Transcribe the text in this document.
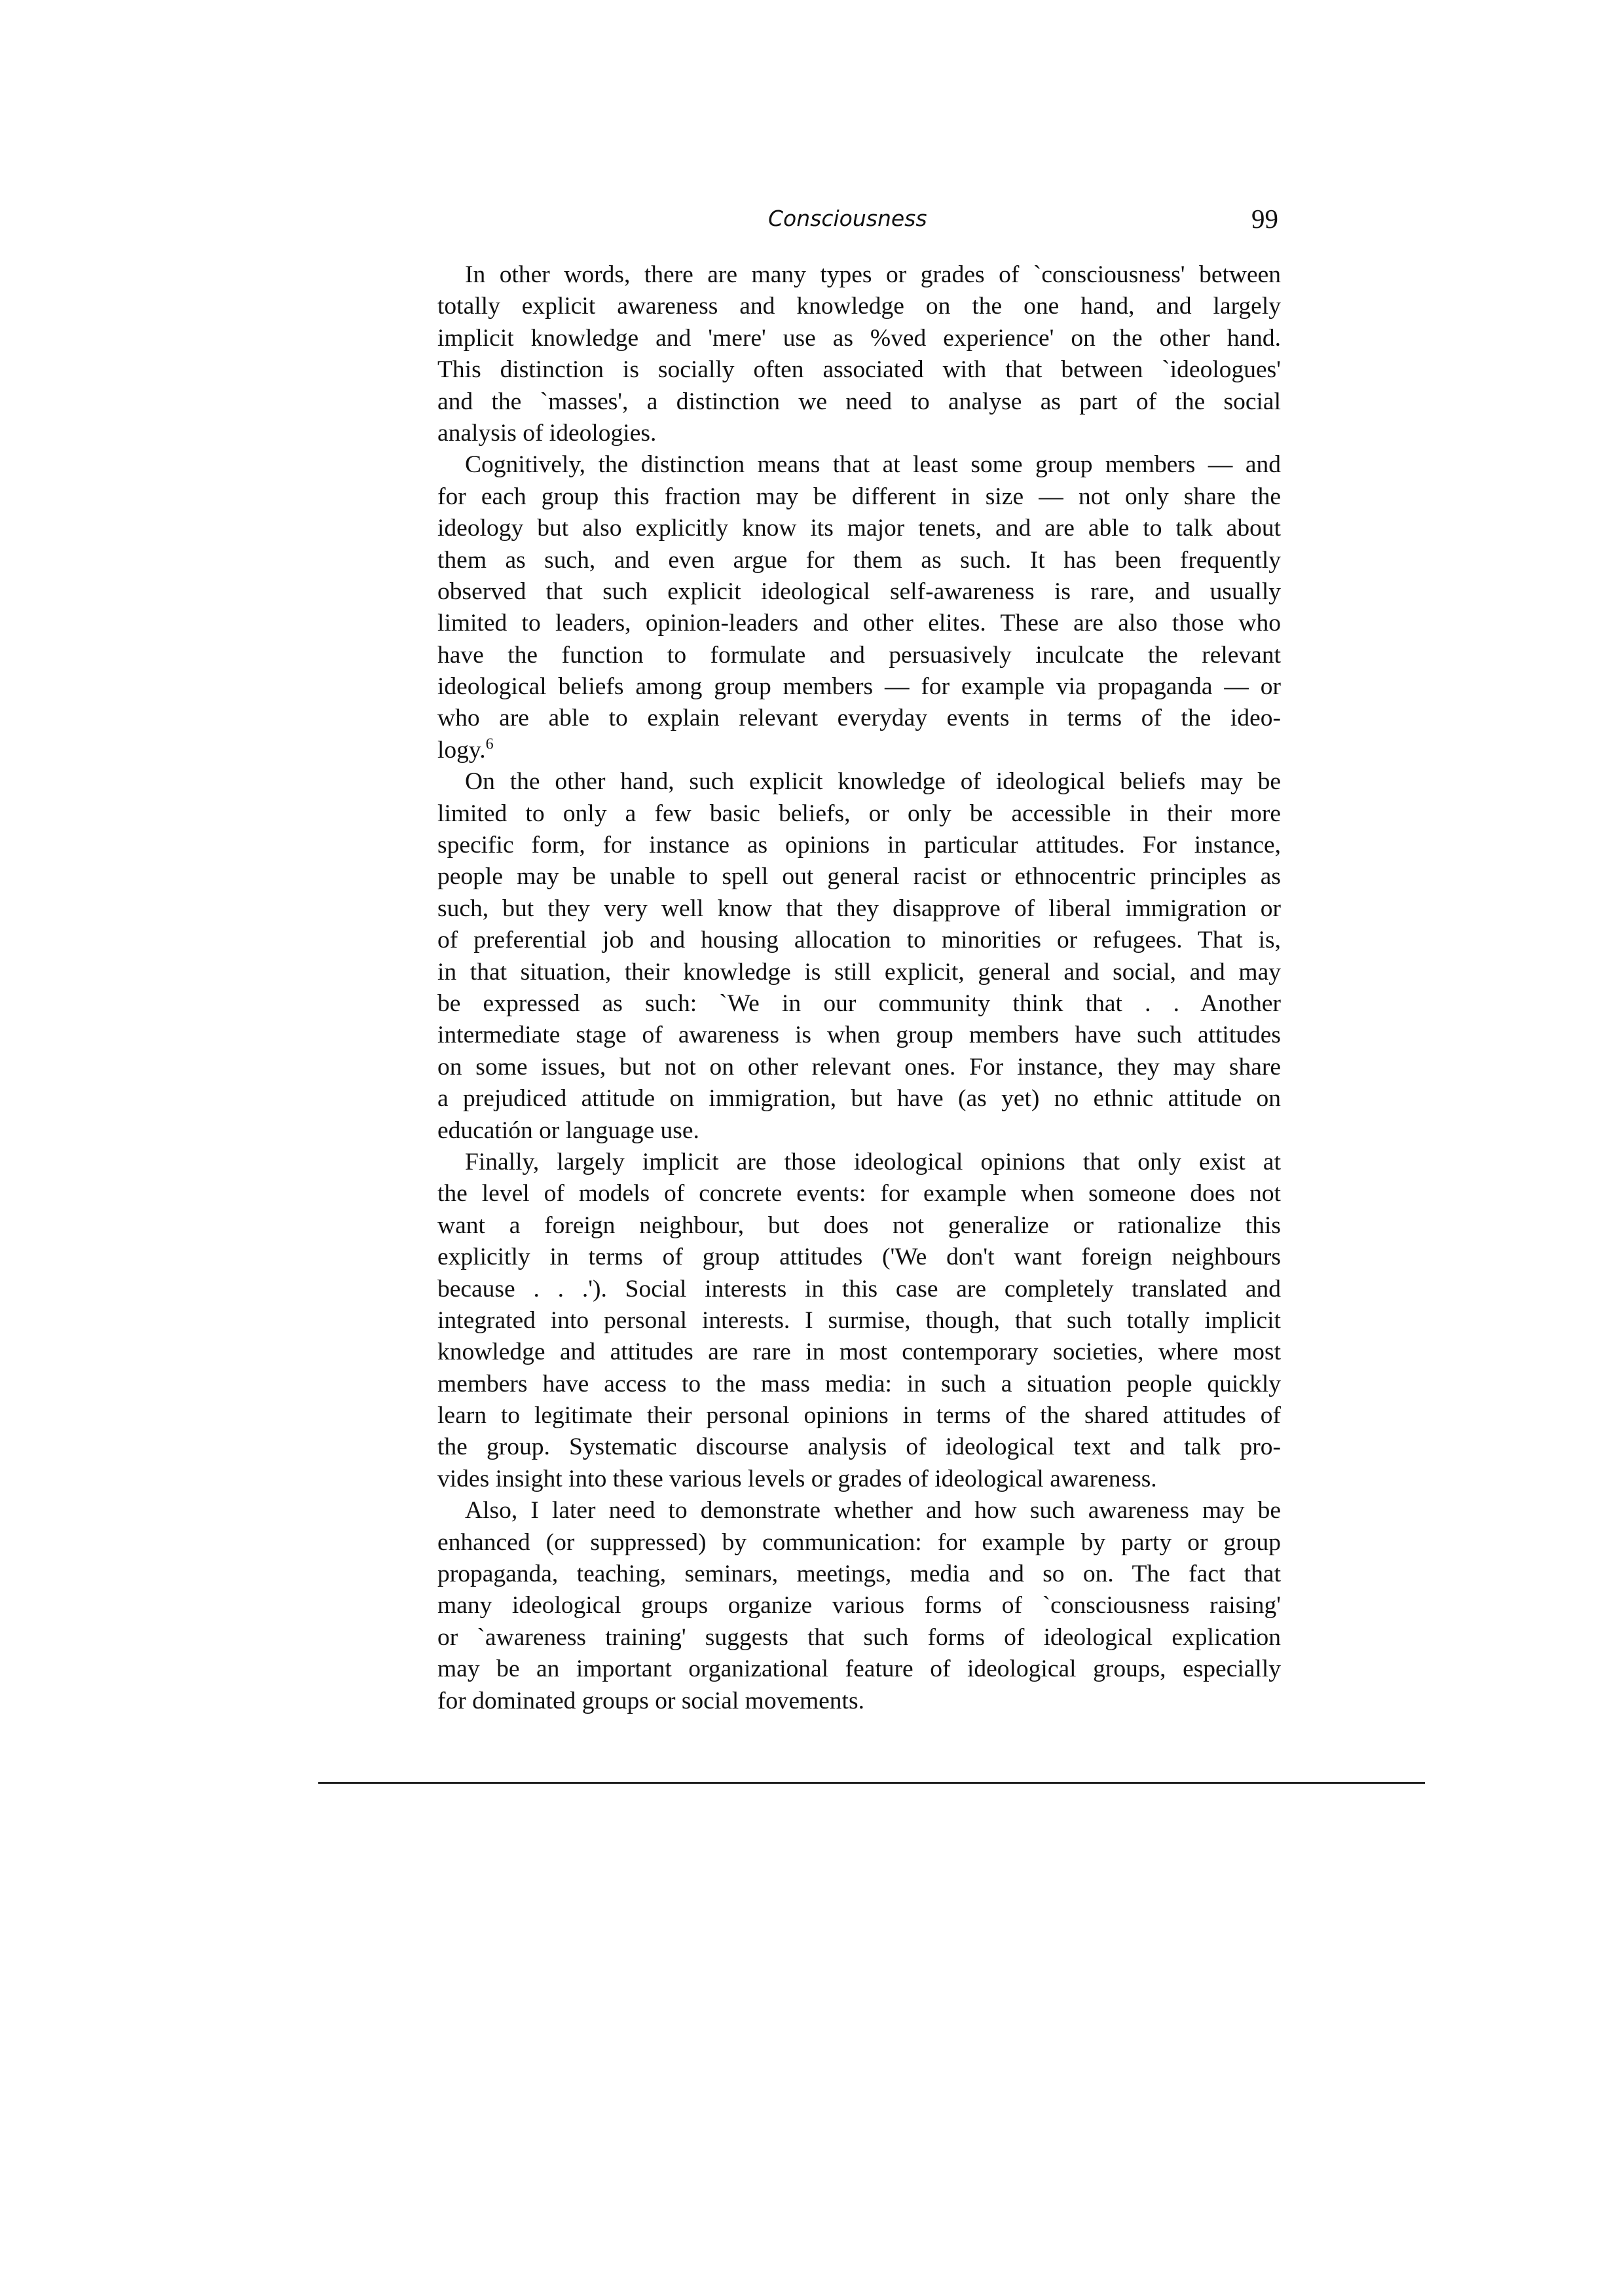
Consciousness	99
In other words, there are many types or grades of `consciousness' between
totally explicit awareness and knowledge on the one hand, and largely
implicit knowledge and 'mere' use as %ved experience' on the other hand.
This distinction is socially often associated with that between `ideologues'
and the `masses', a distinction we need to analyse as part of the social
analysis of ideologies.
Cognitively, the distinction means that at least some group members — and
for each group this fraction may be different in size — not only share the
ideology but also explicitly know its major tenets, and are able to talk about
them as such, and even argue for them as such. It has been frequently
observed that such explicit ideological self-awareness is rare, and usually
limited to leaders, opinion-leaders and other elites. These are also those who
have the function to formulate and persuasively inculcate the relevant
ideological beliefs among group members — for example via propaganda — or
who are able to explain relevant everyday events in terms of the ideo-
logy.$^6$
On the other hand, such explicit knowledge of ideological beliefs may be
limited to only a few basic beliefs, or only be accessible in their more
specific form, for instance as opinions in particular attitudes. For instance,
people may be unable to spell out general racist or ethnocentric principles as
such, but they very well know that they disapprove of liberal immigration or
of preferential job and housing allocation to minorities or refugees. That is,
in that situation, their knowledge is still explicit, general and social, and may
be expressed as such: `We in our community think that . . Another
intermediate stage of awareness is when group members have such attitudes
on some issues, but not on other relevant ones. For instance, they may share
a prejudiced attitude on immigration, but have (as yet) no ethnic attitude on
educatión or language use.
Finally, largely implicit are those ideological opinions that only exist at
the level of models of concrete events: for example when someone does not
want a foreign neighbour, but does not generalize or rationalize this
explicitly in terms of group attitudes ('We don't want foreign neighbours
because . . .'). Social interests in this case are completely translated and
integrated into personal interests. I surmise, though, that such totally implicit
knowledge and attitudes are rare in most contemporary societies, where most
members have access to the mass media: in such a situation people quickly
learn to legitimate their personal opinions in terms of the shared attitudes of
the group. Systematic discourse analysis of ideological text and talk pro-
vides insight into these various levels or grades of ideological awareness.
Also, I later need to demonstrate whether and how such awareness may be
enhanced (or suppressed) by communication: for example by party or group
propaganda, teaching, seminars, meetings, media and so on. The fact that
many ideological groups organize various forms of `consciousness raising'
or `awareness training' suggests that such forms of ideological explication
may be an important organizational feature of ideological groups, especially
for dominated groups or social movements.
